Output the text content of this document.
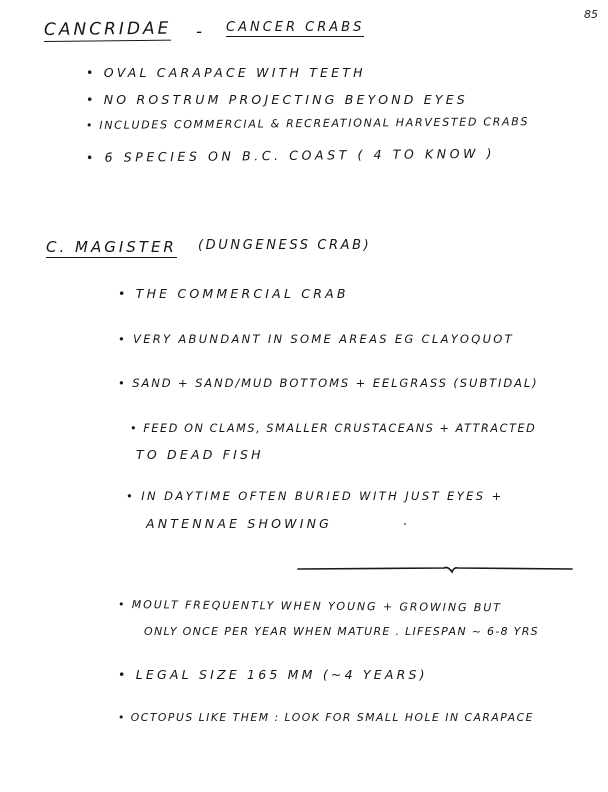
85
CANCRIDAE - CANCER CRABS
• OVAL CARAPACE WITH TEETH
• NO ROSTRUM PROJECTING BEYOND EYES
• INCLUDES COMMERCIAL & RECREATIONAL HARVESTED CRABS
• 6 SPECIES ON B.C. COAST ( 4 TO KNOW )
C. MAGISTER (DUNGENESS CRAB)
• THE COMMERCIAL CRAB
• VERY ABUNDANT IN SOME AREAS EG CLAYOQUOT
• SAND + SAND/MUD BOTTOMS + EELGRASS (SUBTIDAL)
• FEED ON CLAMS, SMALLER CRUSTACEANS + ATTRACTED
TO DEAD FISH
• IN DAYTIME OFTEN BURIED WITH JUST EYES +
ANTENNAE SHOWING
• MOULT FREQUENTLY WHEN YOUNG + GROWING BUT
ONLY ONCE PER YEAR WHEN MATURE . LIFESPAN ~ 6-8 YRS
• LEGAL SIZE 165 MM (~4 YEARS)
• OCTOPUS LIKE THEM : LOOK FOR SMALL HOLE IN CARAPACE
